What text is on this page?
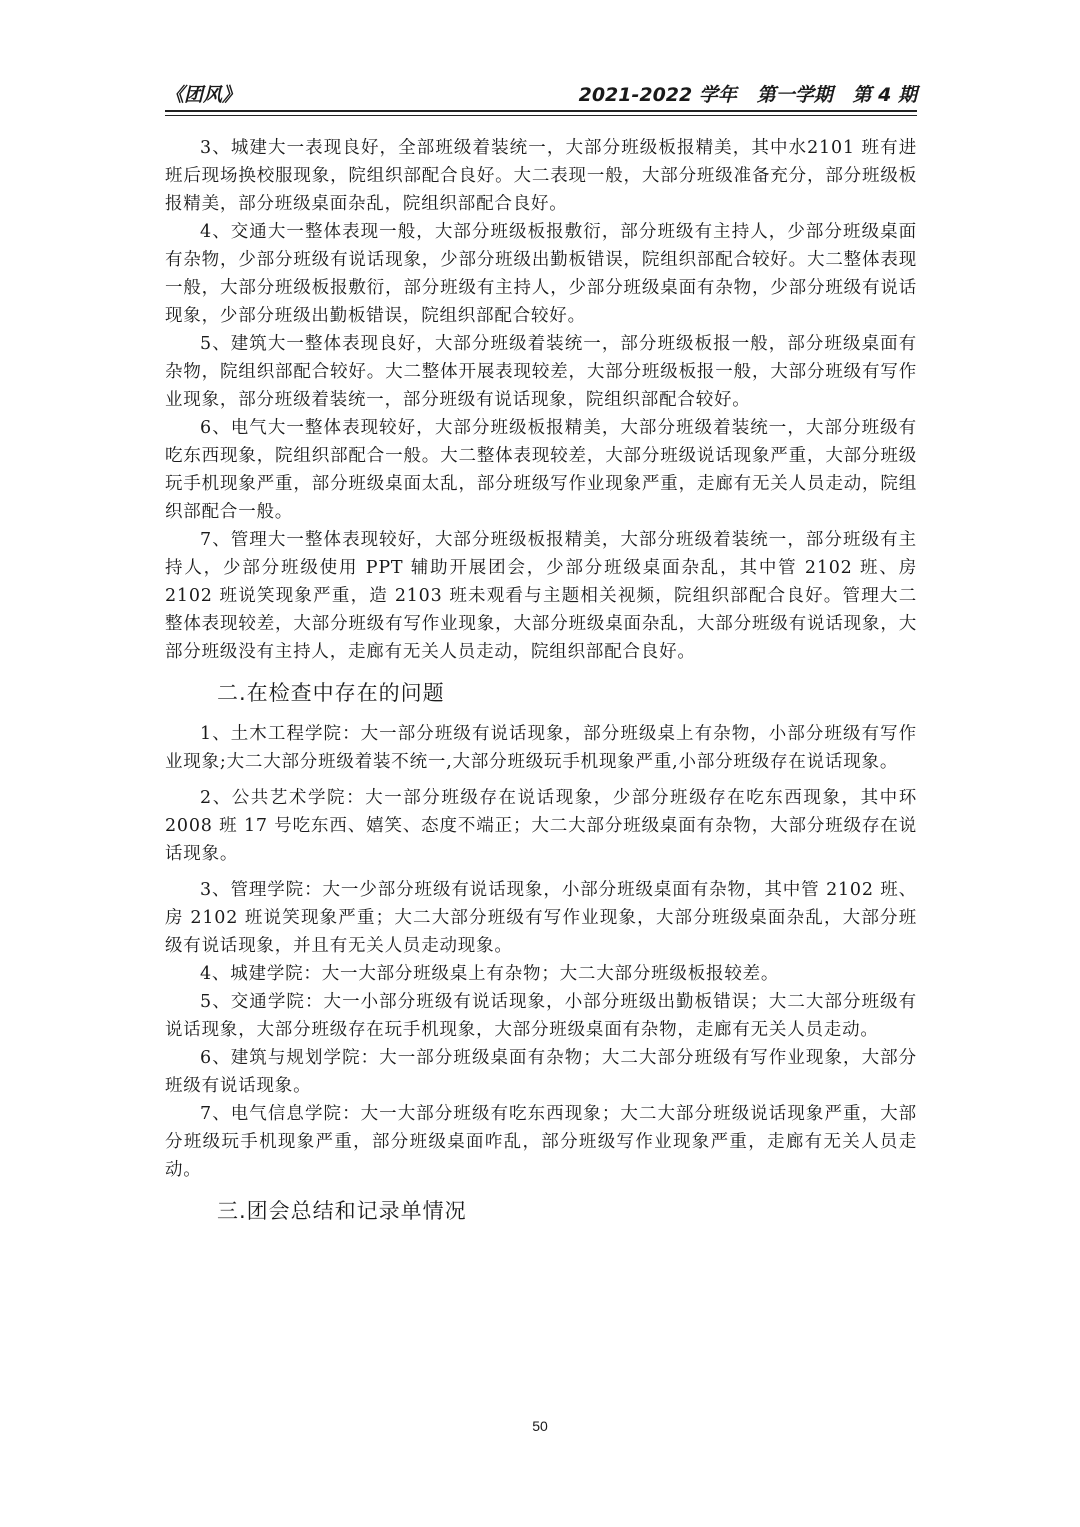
《团风》	2021-2022 学年   第一学期   第 4 期

3、城建大一表现良好，全部班级着装统一，大部分班级板报精美，其中水2101 班有进班后现场换校服现象，院组织部配合良好。大二表现一般，大部分班级准备充分，部分班级板报精美，部分班级桌面杂乱，院组织部配合良好。

4、交通大一整体表现一般，大部分班级板报敷衍，部分班级有主持人，少部分班级桌面有杂物，少部分班级有说话现象，少部分班级出勤板错误，院组织部配合较好。大二整体表现一般，大部分班级板报敷衍，部分班级有主持人，少部分班级桌面有杂物，少部分班级有说话现象，少部分班级出勤板错误，院组织部配合较好。

5、建筑大一整体表现良好，大部分班级着装统一，部分班级板报一般，部分班级桌面有杂物，院组织部配合较好。大二整体开展表现较差，大部分班级板报一般，大部分班级有写作业现象，部分班级着装统一，部分班级有说话现象，院组织部配合较好。

6、电气大一整体表现较好，大部分班级板报精美，大部分班级着装统一，大部分班级有吃东西现象，院组织部配合一般。大二整体表现较差，大部分班级说话现象严重，大部分班级玩手机现象严重，部分班级桌面太乱，部分班级写作业现象严重，走廊有无关人员走动，院组织部配合一般。

7、管理大一整体表现较好，大部分班级板报精美，大部分班级着装统一，部分班级有主持人，少部分班级使用 PPT 辅助开展团会，少部分班级桌面杂乱，其中管 2102 班、房 2102 班说笑现象严重，造 2103 班未观看与主题相关视频，院组织部配合良好。管理大二整体表现较差，大部分班级有写作业现象，大部分班级桌面杂乱，大部分班级有说话现象，大部分班级没有主持人，走廊有无关人员走动，院组织部配合良好。

二.在检查中存在的问题

1、土木工程学院：大一部分班级有说话现象，部分班级桌上有杂物，小部分班级有写作业现象;大二大部分班级着装不统一,大部分班级玩手机现象严重,小部分班级存在说话现象。

2、公共艺术学院：大一部分班级存在说话现象，少部分班级存在吃东西现象，其中环 2008 班 17 号吃东西、嬉笑、态度不端正；大二大部分班级桌面有杂物，大部分班级存在说话现象。

3、管理学院：大一少部分班级有说话现象，小部分班级桌面有杂物，其中管 2102 班、房 2102 班说笑现象严重；大二大部分班级有写作业现象，大部分班级桌面杂乱，大部分班级有说话现象，并且有无关人员走动现象。

4、城建学院：大一大部分班级桌上有杂物；大二大部分班级板报较差。

5、交通学院：大一小部分班级有说话现象，小部分班级出勤板错误；大二大部分班级有说话现象，大部分班级存在玩手机现象，大部分班级桌面有杂物，走廊有无关人员走动。

6、建筑与规划学院：大一部分班级桌面有杂物；大二大部分班级有写作业现象，大部分班级有说话现象。

7、电气信息学院：大一大部分班级有吃东西现象；大二大部分班级说话现象严重，大部分班级玩手机现象严重，部分班级桌面咋乱，部分班级写作业现象严重，走廊有无关人员走动。

三.团会总结和记录单情况
50
